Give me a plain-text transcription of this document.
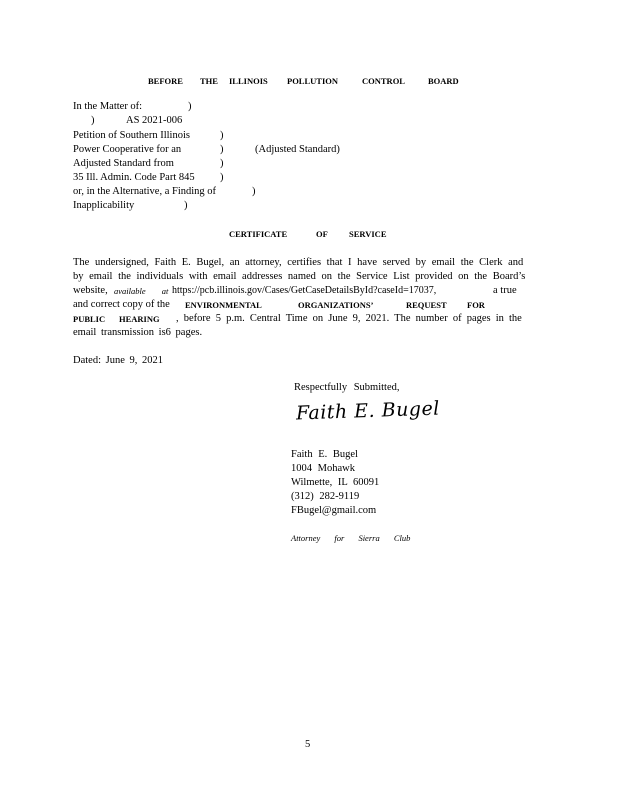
BEFORE THE ILLINOIS POLLUTION	CONTROL	BOARD
In the Matter of:	)
)	AS 2021-006
Petition of Southern Illinois	)
Power Cooperative for an	)	(Adjusted Standard)
Adjusted Standard from	)
35 Ill. Admin. Code Part 845 )
or, in the Alternative, a Finding of	)
Inapplicability	)
CERTIFICATE	OF SERVICE
The undersigned, Faith E. Bugel, an attorney, certifies that I have served by email the Clerk and
by email the individuals with email addresses named on the Service List provided on the Board’s
website, available at https://pcb.illinois.gov/Cases/GetCaseDetailsById?caseId=17037,	a true
and correct copy of the ENVIRONMENTAL	ORGANIZATIONS’	REQUEST FOR
PUBLIC HEARING , before 5 p.m. Central Time on June 9, 2021. The number of pages in the
email transmission is6 pages.
Dated: June 9, 2021
Respectfully Submitted,
Faith E. Bugel
Faith E. Bugel
1004 Mohawk
Wilmette, IL 60091
(312) 282-9119
FBugel@gmail.com
Attorney for Sierra Club
5
